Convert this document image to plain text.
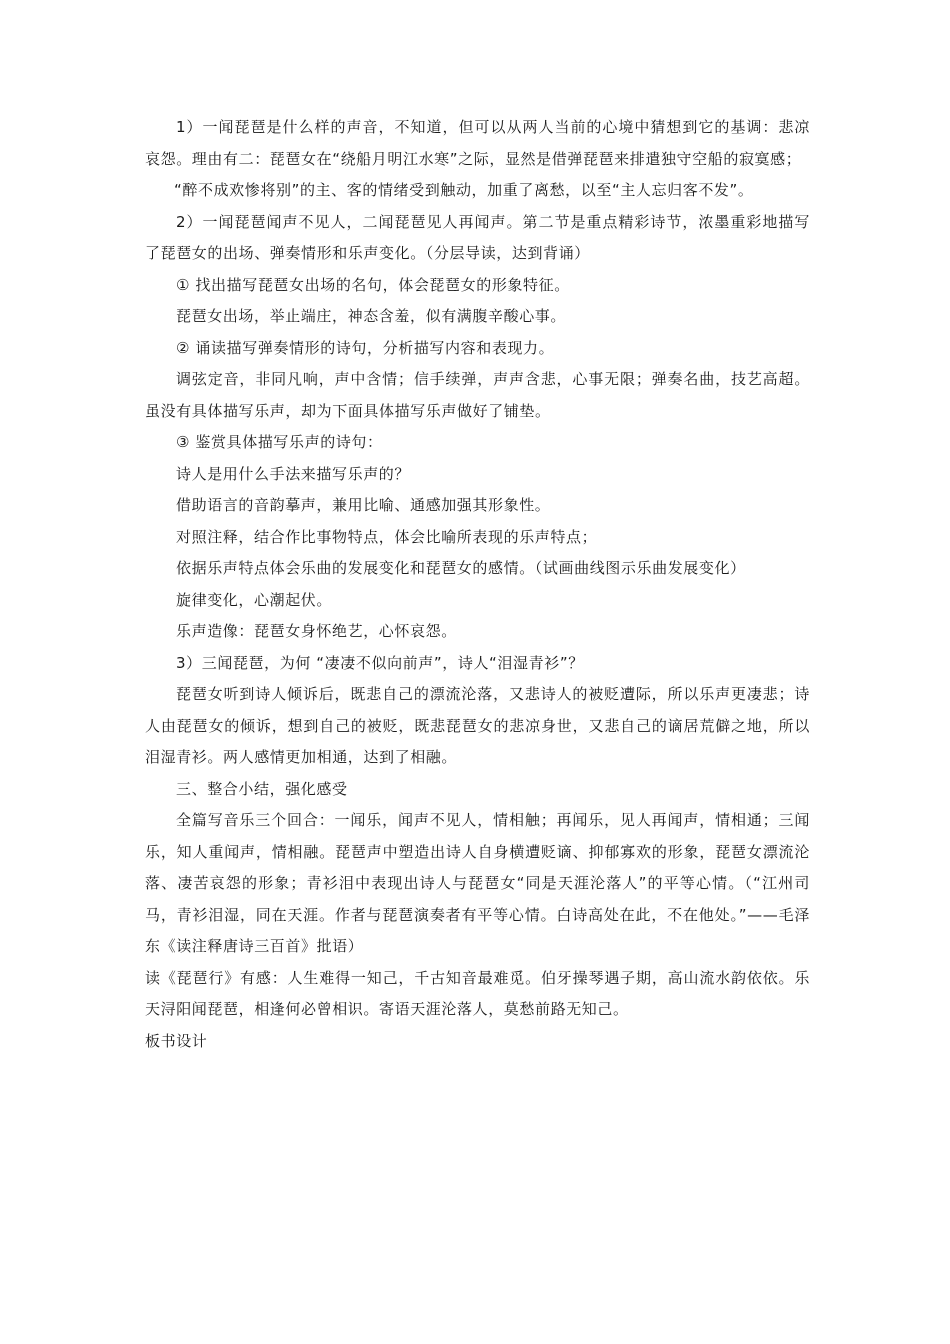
1）一闻琵琶是什么样的声音，不知道，但可以从两人当前的心境中猜想到它的基调：悲凉哀怨。理由有二：琵琶女在“绕船月明江水寒”之际，显然是借弹琵琶来排遣独守空船的寂寞感；

“醉不成欢惨将别”的主、客的情绪受到触动，加重了离愁，以至“主人忘归客不发”。

2）一闻琵琶闻声不见人，二闻琵琶见人再闻声。第二节是重点精彩诗节，浓墨重彩地描写了琵琶女的出场、弹奏情形和乐声变化。（分层导读，达到背诵）

① 找出描写琵琶女出场的名句，体会琵琶女的形象特征。

琵琶女出场，举止端庄，神态含羞，似有满腹辛酸心事。

② 诵读描写弹奏情形的诗句，分析描写内容和表现力。

调弦定音，非同凡响，声中含情；信手续弹，声声含悲，心事无限；弹奏名曲，技艺高超。虽没有具体描写乐声，却为下面具体描写乐声做好了铺垫。

③ 鉴赏具体描写乐声的诗句：

诗人是用什么手法来描写乐声的？

借助语言的音韵摹声，兼用比喻、通感加强其形象性。

对照注释，结合作比事物特点，体会比喻所表现的乐声特点；

依据乐声特点体会乐曲的发展变化和琵琶女的感情。（试画曲线图示乐曲发展变化）

旋律变化，心潮起伏。

乐声造像：琵琶女身怀绝艺，心怀哀怨。

3）三闻琵琶，为何 “凄凄不似向前声”，诗人“泪湿青衫”？

琵琶女听到诗人倾诉后，既悲自己的漂流沦落，又悲诗人的被贬遭际，所以乐声更凄悲；诗人由琵琶女的倾诉，想到自己的被贬，既悲琵琶女的悲凉身世，又悲自己的谪居荒僻之地，所以泪湿青衫。两人感情更加相通，达到了相融。

三、整合小结，强化感受

全篇写音乐三个回合：一闻乐，闻声不见人，情相触；再闻乐，见人再闻声，情相通；三闻乐，知人重闻声，情相融。琵琶声中塑造出诗人自身横遭贬谪、抑郁寡欢的形象，琵琶女漂流沦落、凄苦哀怨的形象；青衫泪中表现出诗人与琵琶女“同是天涯沦落人”的平等心情。（“江州司马，青衫泪湿，同在天涯。作者与琵琶演奏者有平等心情。白诗高处在此，不在他处。”——毛泽东《读注释唐诗三百首》批语）

读《琵琶行》有感：人生难得一知己，千古知音最难觅。伯牙操琴遇子期，高山流水韵依依。乐天浔阳闻琵琶，相逢何必曾相识。寄语天涯沦落人，莫愁前路无知己。

板书设计
